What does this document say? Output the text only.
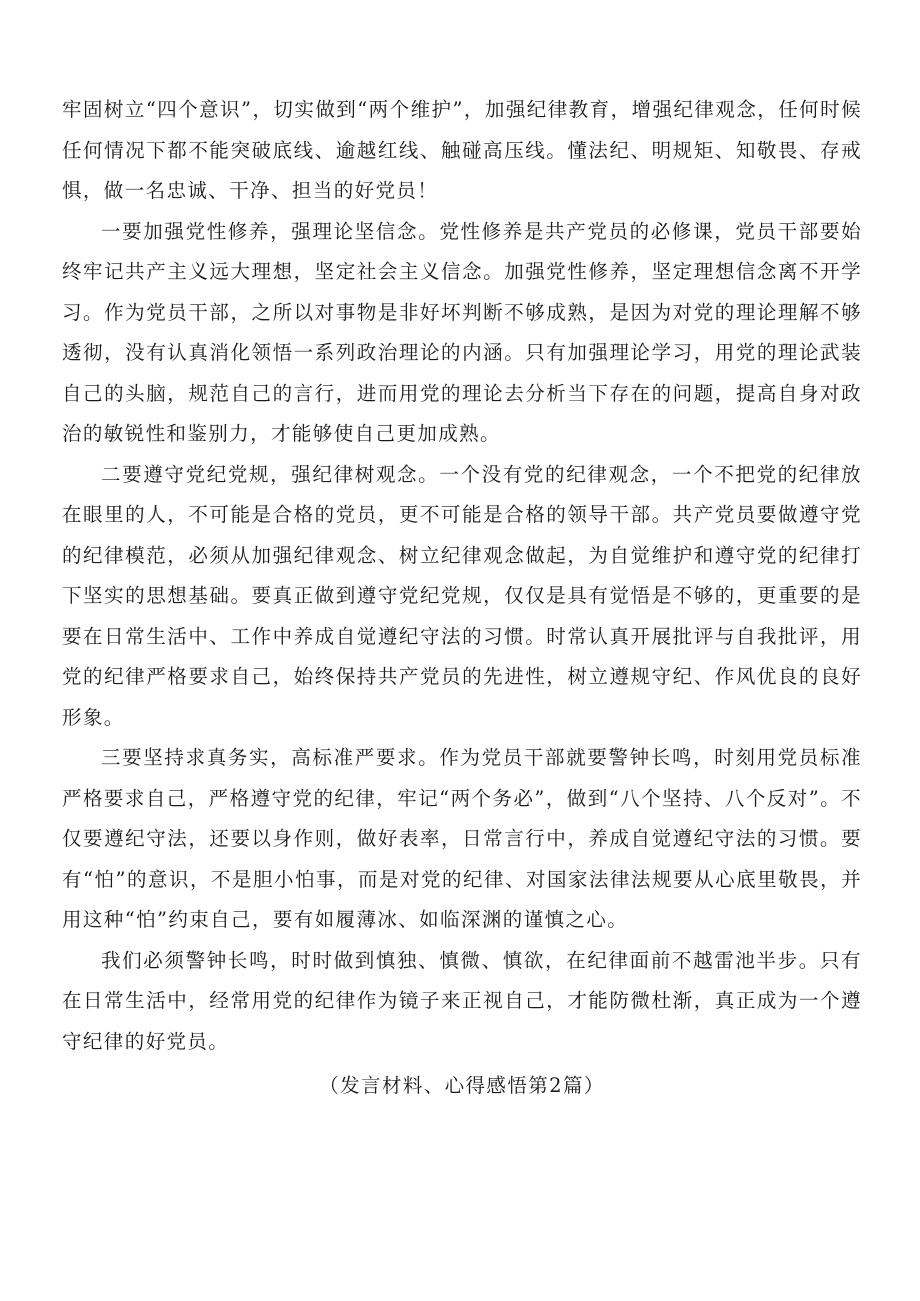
牢固树立“四个意识”，切实做到“两个维护”，加强纪律教育，增强纪律观念，任何时候任何情况下都不能突破底线、逾越红线、触碰高压线。懂法纪、明规矩、知敬畏、存戒惧，做一名忠诚、干净、担当的好党员！

一要加强党性修养，强理论坚信念。党性修养是共产党员的必修课，党员干部要始终牢记共产主义远大理想，坚定社会主义信念。加强党性修养，坚定理想信念离不开学习。作为党员干部，之所以对事物是非好坏判断不够成熟，是因为对党的理论理解不够透彻，没有认真消化领悟一系列政治理论的内涵。只有加强理论学习，用党的理论武装自己的头脑，规范自己的言行，进而用党的理论去分析当下存在的问题，提高自身对政治的敏锐性和鉴别力，才能够使自己更加成熟。

二要遵守党纪党规，强纪律树观念。一个没有党的纪律观念，一个不把党的纪律放在眼里的人，不可能是合格的党员，更不可能是合格的领导干部。共产党员要做遵守党的纪律模范，必须从加强纪律观念、树立纪律观念做起，为自觉维护和遵守党的纪律打下坚实的思想基础。要真正做到遵守党纪党规，仅仅是具有觉悟是不够的，更重要的是要在日常生活中、工作中养成自觉遵纪守法的习惯。时常认真开展批评与自我批评，用党的纪律严格要求自己，始终保持共产党员的先进性，树立遵规守纪、作风优良的良好形象。

三要坚持求真务实，高标准严要求。作为党员干部就要警钟长鸣，时刻用党员标准严格要求自己，严格遵守党的纪律，牢记“两个务必”，做到“八个坚持、八个反对”。不仅要遵纪守法，还要以身作则，做好表率，日常言行中，养成自觉遵纪守法的习惯。要有“怕”的意识，不是胆小怕事，而是对党的纪律、对国家法律法规要从心底里敬畏，并用这种“怕”约束自己，要有如履薄冰、如临深渊的谨慎之心。

我们必须警钟长鸣，时时做到慎独、慎微、慎欲，在纪律面前不越雷池半步。只有在日常生活中，经常用党的纪律作为镜子来正视自己，才能防微杜渐，真正成为一个遵守纪律的好党员。

（发言材料、心得感悟第2篇）
